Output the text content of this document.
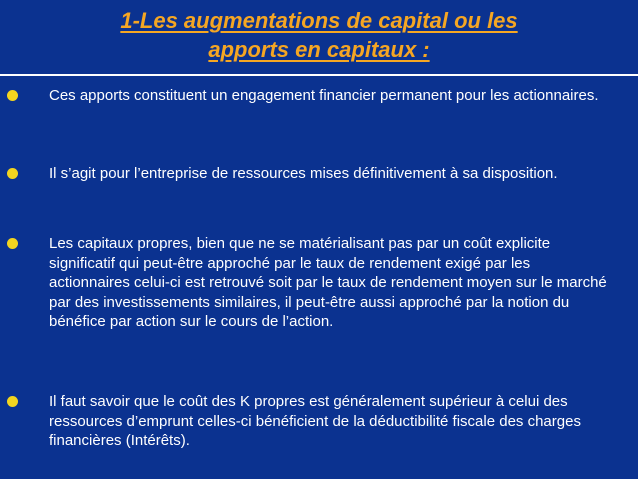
1-Les augmentations de capital ou les
apports en capitaux :
Ces apports constituent un engagement financier permanent pour les actionnaires.
Il s’agit pour l’entreprise de ressources mises définitivement à sa disposition.
Les capitaux propres, bien que ne se matérialisant pas par un coût explicite significatif qui peut-être approché par le taux de rendement exigé par les actionnaires celui-ci est retrouvé soit par le taux de rendement moyen sur le marché par des investissements similaires, il peut-être aussi approché par la notion du bénéfice par action sur le cours de l’action.
Il faut savoir que le coût des K propres est généralement supérieur à celui des ressources d’emprunt celles-ci bénéficient de la déductibilité fiscale des charges financières (Intérêts).
